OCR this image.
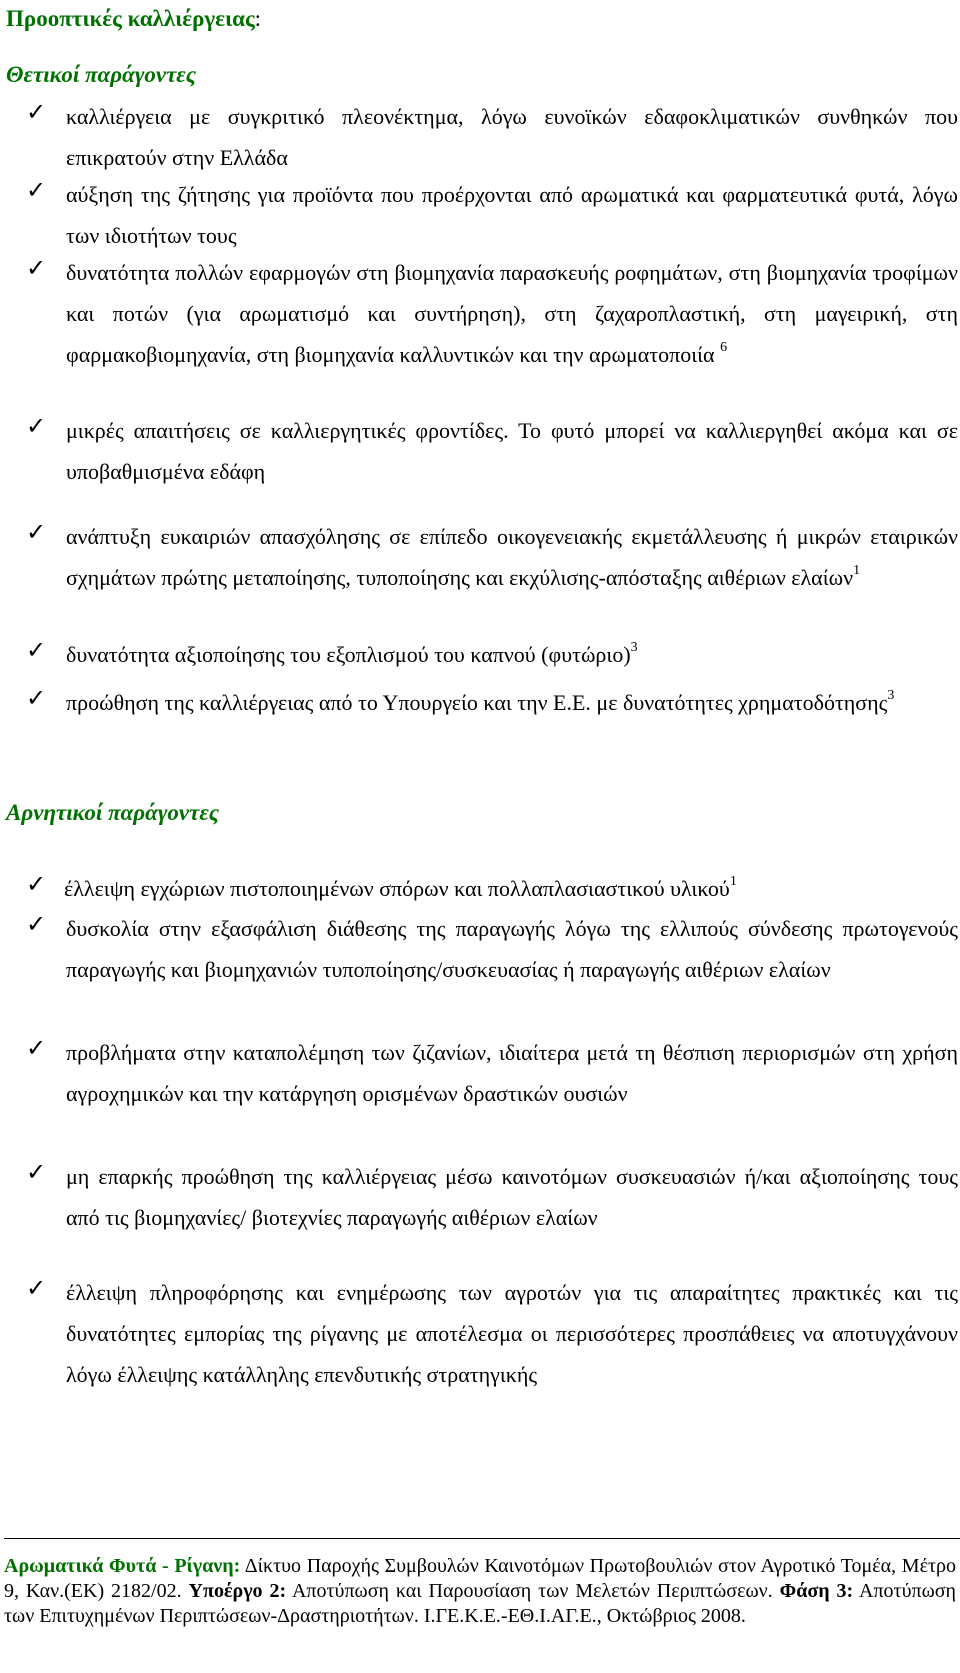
Προοπτικές καλλιέργειας:
Θετικοί παράγοντες
✓ καλλιέργεια με συγκριτικό πλεονέκτημα, λόγω ευνοϊκών εδαφοκλιματικών συνθηκών που επικρατούν στην Ελλάδα
✓ αύξηση της ζήτησης για προϊόντα που προέρχονται από αρωματικά και φαρματευτικά φυτά, λόγω των ιδιοτήτων τους
✓ δυνατότητα πολλών εφαρμογών στη βιομηχανία παρασκευής ροφημάτων, στη βιομηχανία τροφίμων και ποτών (για αρωματισμό και συντήρηση), στη ζαχαροπλαστική, στη μαγειρική, στη φαρμακοβιομηχανία, στη βιομηχανία καλλυντικών και την αρωματοποιία $^6$
✓ μικρές απαιτήσεις σε καλλιεργητικές φροντίδες. Το φυτό μπορεί να καλλιεργηθεί ακόμα και σε υποβαθμισμένα εδάφη
✓ ανάπτυξη ευκαιριών απασχόλησης σε επίπεδο οικογενειακής εκμετάλλευσης ή μικρών εταιρικών σχημάτων πρώτης μεταποίησης, τυποποίησης και εκχύλισης-απόσταξης αιθέριων ελαίων$^1$
✓ δυνατότητα αξιοποίησης του εξοπλισμού του καπνού $(\varphi\upsilon\tau ώ\rho\iota o)^3$
✓ προώθηση της καλλιέργειας από το Υπουργείο και την Ε.Ε. με δυνατότητες χρηματοδότησης$^3$
Αρνητικοί παράγοντες
✓ έλλειψη εγχώριων πιστοποιημένων σπόρων και πολλαπλασιαστικού υλικού$^1$
✓ δυσκολία στην εξασφάλιση διάθεσης της παραγωγής λόγω της ελλιπούς σύνδεσης πρωτογενούς παραγωγής και βιομηχανιών τυποποίησης/συσκευασίας ή παραγωγής αιθέριων ελαίων
✓ προβλήματα στην καταπολέμηση των ζιζανίων, ιδιαίτερα μετά τη θέσπιση περιορισμών στη χρήση αγροχημικών και την κατάργηση ορισμένων δραστικών ουσιών
✓ μη επαρκής προώθηση της καλλιέργειας μέσω καινοτόμων συσκευασιών ή/και αξιοποίησης τους από τις βιομηχανίες/ βιοτεχνίες παραγωγής αιθέριων ελαίων
✓ έλλειψη πληροφόρησης και ενημέρωσης των αγροτών για τις απαραίτητες πρακτικές και τις δυνατότητες εμπορίας της ρίγανης με αποτέλεσμα οι περισσότερες προσπάθειες να αποτυγχάνουν λόγω έλλειψης κατάλληλης επενδυτικής στρατηγικής
Αρωματικά Φυτά - Ρίγανη: Δίκτυο Παροχής Συμβουλών Καινοτόμων Πρωτοβουλιών στον Αγροτικό Τομέα, Μέτρο 9, Καν.(ΕΚ) 2182/02. Υποέργο 2: Αποτύπωση και Παρουσίαση των Μελετών Περιπτώσεων. Φάση 3: Αποτύπωση των Επιτυχημένων Περιπτώσεων-Δραστηριοτήτων. Ι.ΓΕ.Κ.Ε.-ΕΘ.Ι.ΑΓ.Ε., Οκτώβριος 2008.
